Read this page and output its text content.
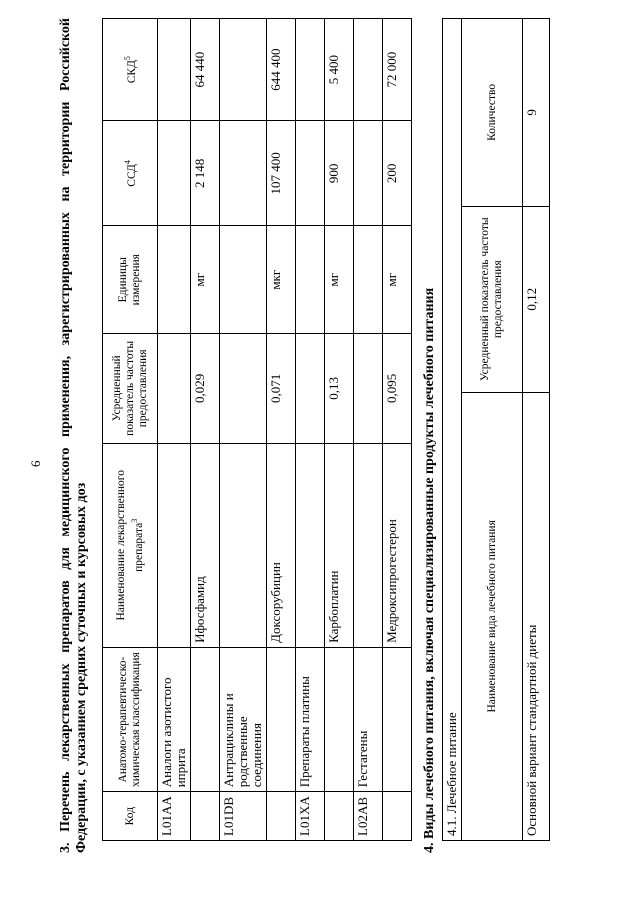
6 3. Перечень лекарственных препаратов для медицинского применения, зарегистрированных на территории Российской Федерации, с указанием средних суточных и курсовых доз	Код	Анатомо-терапевтическо-химическая классификация	Наименование лекарственного препарата$^3$	Усредненный показатель частоты предоставления	Единицы измерения	ССД$^4$	СКД$^5$
L01AA	Аналоги азотистого иприта					
		Ифосфамид	0,029	мг	2 148	64 440
L01DB	Антрациклины и родственные соединения					
		Доксорубицин	0,071	мкг	107 400	644 400
L01XA	Препараты платины					
		Карбоплатин	0,13	мг	900	5 400
L02AB	Гестагены					
		Медроксипрогестерон	0,095	мг	200	72 000
4. Виды лечебного питания, включая специализированные продукты лечебного питания 4.1. Лечебное питание		
Наименование вида лечебного питания	Усредненный показатель частоты предоставления	Количество
Основной вариант стандартной диеты	0,12	9
